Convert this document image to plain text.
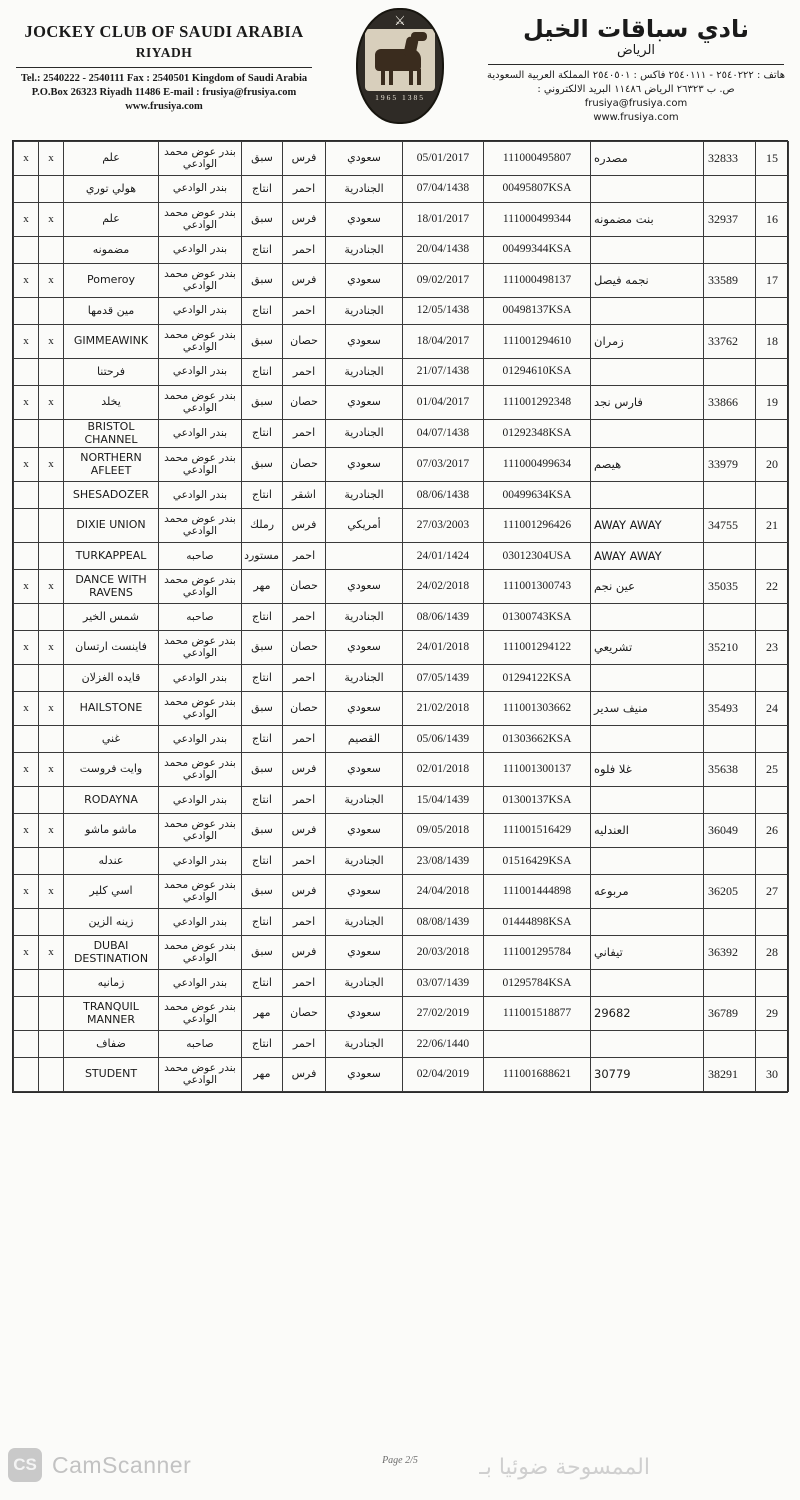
JOCKEY CLUB OF SAUDI ARABIA
RIYADH
Tel.: 2540222 - 2540111 Fax : 2540501 Kingdom of Saudi Arabia
P.O.Box 26323 Riyadh 11486 E-mail : frusiya@frusiya.com
www.frusiya.com
⚔
1965 1385
نادي سباقات الخيل
الرياض
هاتف : ٢٥٤٠٢٢٢ - ٢٥٤٠١١١ فاكس : ٢٥٤٠٥٠١ المملكة العربية السعودية
ص. ب ٢٦٣٢٣ الرياض ١١٤٨٦ البريد الالكتروني : frusiya@frusiya.com
www.frusiya.com
15	32833	مصدره	111000495807	05/01/2017	سعودي	فرس	سبق	بندر عوض محمد الوادعي	علم	x	x
			00495807KSA	07/04/1438	الجنادرية	احمر	انتاج	بندر الوادعي	هولي توري		
16	32937	بنت مضمونه	111000499344	18/01/2017	سعودي	فرس	سبق	بندر عوض محمد الوادعي	علم	x	x
			00499344KSA	20/04/1438	الجنادرية	احمر	انتاج	بندر الوادعي	مضمونه		
17	33589	نجمه فيصل	111000498137	09/02/2017	سعودي	فرس	سبق	بندر عوض محمد الوادعي	Pomeroy	x	x
			00498137KSA	12/05/1438	الجنادرية	احمر	انتاج	بندر الوادعي	مين قدمها		
18	33762	زمران	111001294610	18/04/2017	سعودي	حصان	سبق	بندر عوض محمد الوادعي	GIMMEAWINK	x	x
			01294610KSA	21/07/1438	الجنادرية	احمر	انتاج	بندر الوادعي	فرحتنا		
19	33866	فارس نجد	111001292348	01/04/2017	سعودي	حصان	سبق	بندر عوض محمد الوادعي	يخلد	x	x
			01292348KSA	04/07/1438	الجنادرية	احمر	انتاج	بندر الوادعي	BRISTOL CHANNEL		
20	33979	هيصم	111000499634	07/03/2017	سعودي	حصان	سبق	بندر عوض محمد الوادعي	NORTHERN AFLEET	x	x
			00499634KSA	08/06/1438	الجنادرية	اشقر	انتاج	بندر الوادعي	SHESADOZER		
21	34755	AWAY AWAY	111001296426	27/03/2003	أمريكي	فرس	رملك	بندر عوض محمد الوادعي	DIXIE UNION		
		AWAY AWAY	03012304USA	24/01/1424		احمر	مستورد	صاحبه	TURKAPPEAL		
22	35035	عين نجم	111001300743	24/02/2018	سعودي	حصان	مهر	بندر عوض محمد الوادعي	DANCE WITH RAVENS	x	x
			01300743KSA	08/06/1439	الجنادرية	احمر	انتاج	صاحبه	شمس الخير		
23	35210	تشريعي	111001294122	24/01/2018	سعودي	حصان	سبق	بندر عوض محمد الوادعي	فاينست ارتسان	x	x
			01294122KSA	07/05/1439	الجنادرية	احمر	انتاج	بندر الوادعي	قايده الغزلان		
24	35493	منيف سدير	111001303662	21/02/2018	سعودي	حصان	سبق	بندر عوض محمد الوادعي	HAILSTONE	x	x
			01303662KSA	05/06/1439	القصيم	احمر	انتاج	بندر الوادعي	غني		
25	35638	غلا فلوه	111001300137	02/01/2018	سعودي	فرس	سبق	بندر عوض محمد الوادعي	وايت فروست	x	x
			01300137KSA	15/04/1439	الجنادرية	احمر	انتاج	بندر الوادعي	RODAYNA		
26	36049	العندليه	111001516429	09/05/2018	سعودي	فرس	سبق	بندر عوض محمد الوادعي	ماشو ماشو	x	x
			01516429KSA	23/08/1439	الجنادرية	احمر	انتاج	بندر الوادعي	عندله		
27	36205	مربوعه	111001444898	24/04/2018	سعودي	فرس	سبق	بندر عوض محمد الوادعي	اسي كلير	x	x
			01444898KSA	08/08/1439	الجنادرية	احمر	انتاج	بندر الوادعي	زينه الزين		
28	36392	تيفاني	111001295784	20/03/2018	سعودي	فرس	سبق	بندر عوض محمد الوادعي	DUBAI DESTINATION	x	x
			01295784KSA	03/07/1439	الجنادرية	احمر	انتاج	بندر الوادعي	زمانيه		
29	36789	29682	111001518877	27/02/2019	سعودي	حصان	مهر	بندر عوض محمد الوادعي	TRANQUIL MANNER		
				22/06/1440	الجنادرية	احمر	انتاج	صاحبه	ضفاف		
30	38291	30779	111001688621	02/04/2019	سعودي	فرس	مهر	بندر عوض محمد الوادعي	STUDENT		
Page 2/5
CS CamScanner	الممسوحة ضوئيا بـ
